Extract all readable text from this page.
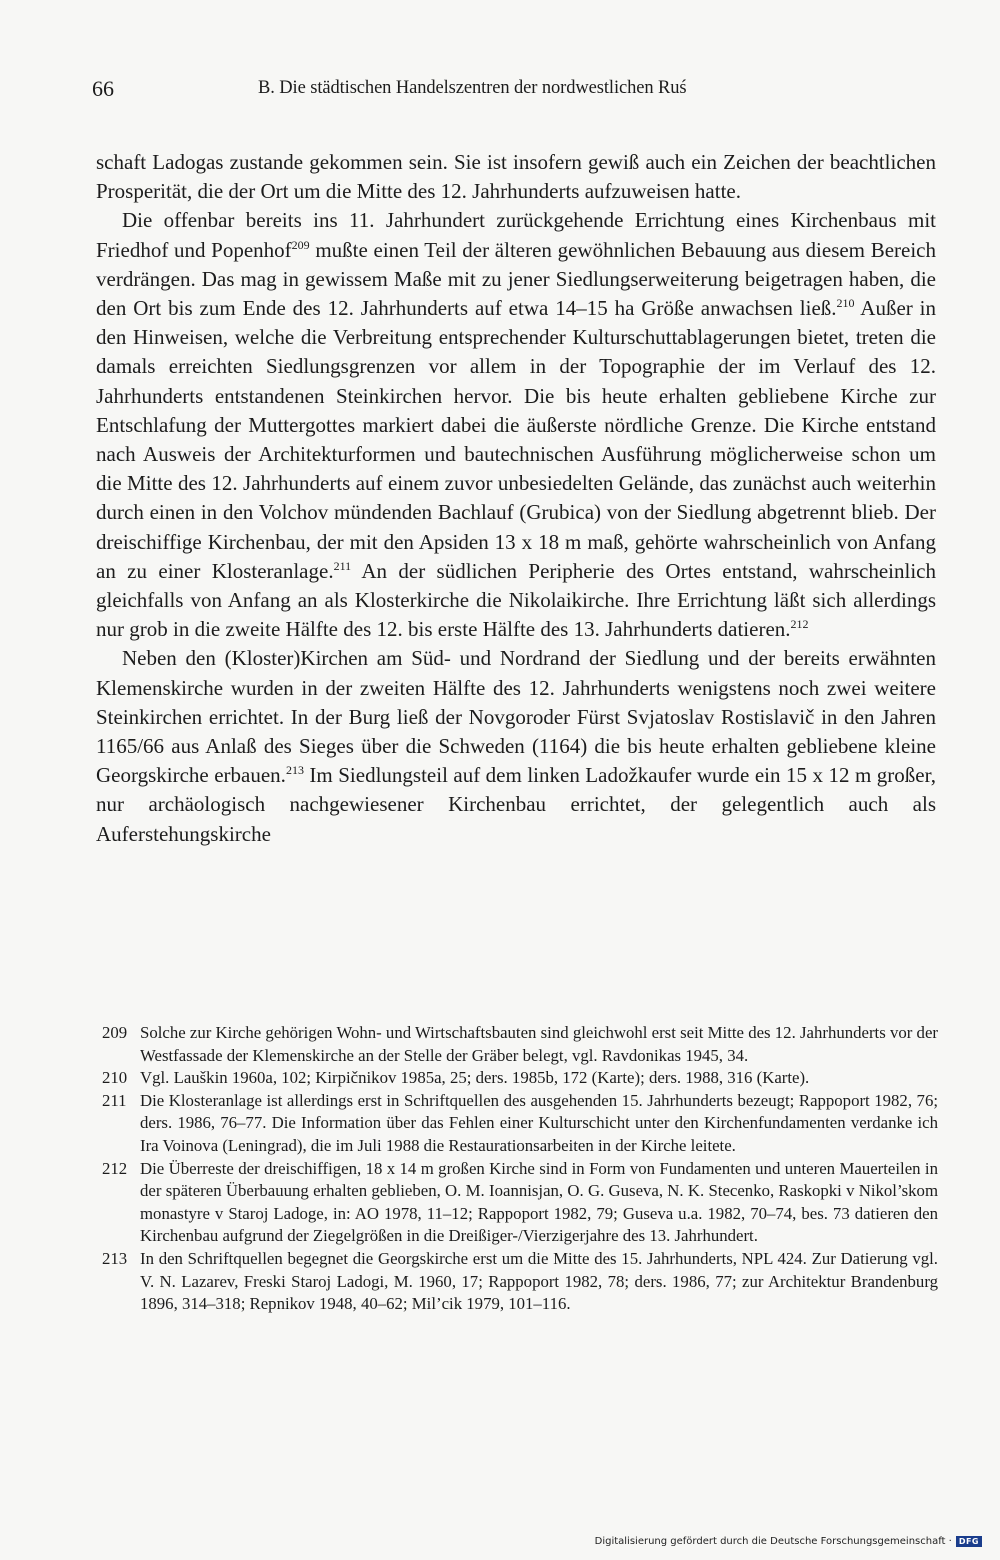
66	B. Die städtischen Handelszentren der nordwestlichen Ruś

schaft Ladogas zustande gekommen sein. Sie ist insofern gewiß auch ein Zeichen der beachtlichen Prosperität, die der Ort um die Mitte des 12. Jahrhunderts aufzuweisen hatte.

Die offenbar bereits ins 11. Jahrhundert zurückgehende Errichtung eines Kirchenbaus mit Friedhof und Popenhof$^{209}$ mußte einen Teil der älteren gewöhnlichen Bebauung aus diesem Bereich verdrängen. Das mag in gewissem Maße mit zu jener Siedlungserweiterung beigetragen haben, die den Ort bis zum Ende des 12. Jahrhunderts auf etwa 14–15 ha Größe anwachsen ließ.$^{210}$ Außer in den Hinweisen, welche die Verbreitung entsprechender Kulturschuttablagerungen bietet, treten die damals erreichten Siedlungsgrenzen vor allem in der Topographie der im Verlauf des 12. Jahrhunderts entstandenen Steinkirchen hervor. Die bis heute erhalten gebliebene Kirche zur Entschlafung der Muttergottes markiert dabei die äußerste nördliche Grenze. Die Kirche entstand nach Ausweis der Architekturformen und bautechnischen Ausführung möglicherweise schon um die Mitte des 12. Jahrhunderts auf einem zuvor unbesiedelten Gelände, das zunächst auch weiterhin durch einen in den Volchov mündenden Bachlauf (Grubica) von der Siedlung abgetrennt blieb. Der dreischiffige Kirchenbau, der mit den Apsiden 13 x 18 m maß, gehörte wahrscheinlich von Anfang an zu einer Klosteranlage.$^{211}$ An der südlichen Peripherie des Ortes entstand, wahrscheinlich gleichfalls von Anfang an als Klosterkirche die Nikolaikirche. Ihre Errichtung läßt sich allerdings nur grob in die zweite Hälfte des 12. bis erste Hälfte des 13. Jahrhunderts datieren.$^{212}$

Neben den (Kloster)Kirchen am Süd- und Nordrand der Siedlung und der bereits erwähnten Klemenskirche wurden in der zweiten Hälfte des 12. Jahrhunderts wenigstens noch zwei weitere Steinkirchen errichtet. In der Burg ließ der Novgoroder Fürst Svjatoslav Rostislavič in den Jahren 1165/66 aus Anlaß des Sieges über die Schweden (1164) die bis heute erhalten gebliebene kleine Georgskirche erbauen.$^{213}$ Im Siedlungsteil auf dem linken Ladožkaufer wurde ein 15 x 12 m großer, nur archäologisch nachgewiesener Kirchenbau errichtet, der gelegentlich auch als Auferstehungskirche

209 Solche zur Kirche gehörigen Wohn- und Wirtschaftsbauten sind gleichwohl erst seit Mitte des 12. Jahrhunderts vor der Westfassade der Klemenskirche an der Stelle der Gräber belegt, vgl. Ravdonikas 1945, 34.
210 Vgl. Lauškin 1960a, 102; Kirpičnikov 1985a, 25; ders. 1985b, 172 (Karte); ders. 1988, 316 (Karte).
211 Die Klosteranlage ist allerdings erst in Schriftquellen des ausgehenden 15. Jahrhunderts bezeugt; Rappoport 1982, 76; ders. 1986, 76–77. Die Information über das Fehlen einer Kulturschicht unter den Kirchenfundamenten verdanke ich Ira Voinova (Leningrad), die im Juli 1988 die Restaurationsarbeiten in der Kirche leitete.
212 Die Überreste der dreischiffigen, 18 x 14 m großen Kirche sind in Form von Fundamenten und unteren Mauerteilen in der späteren Überbauung erhalten geblieben, O. M. Ioannisjan, O. G. Guseva, N. K. Stecenko, Raskopki v Nikol’skom monastyre v Staroj Ladoge, in: AO 1978, 11–12; Rappoport 1982, 79; Guseva u.a. 1982, 70–74, bes. 73 datieren den Kirchenbau aufgrund der Ziegelgrößen in die Dreißiger-/Vierzigerjahre des 13. Jahrhundert.
213 In den Schriftquellen begegnet die Georgskirche erst um die Mitte des 15. Jahrhunderts, NPL 424. Zur Datierung vgl. V. N. Lazarev, Freski Staroj Ladogi, M. 1960, 17; Rappoport 1982, 78; ders. 1986, 77; zur Architektur Brandenburg 1896, 314–318; Repnikov 1948, 40–62; Mil’cik 1979, 101–116.
Digitalisierung gefördert durch die Deutsche Forschungsgemeinschaft · DFG
